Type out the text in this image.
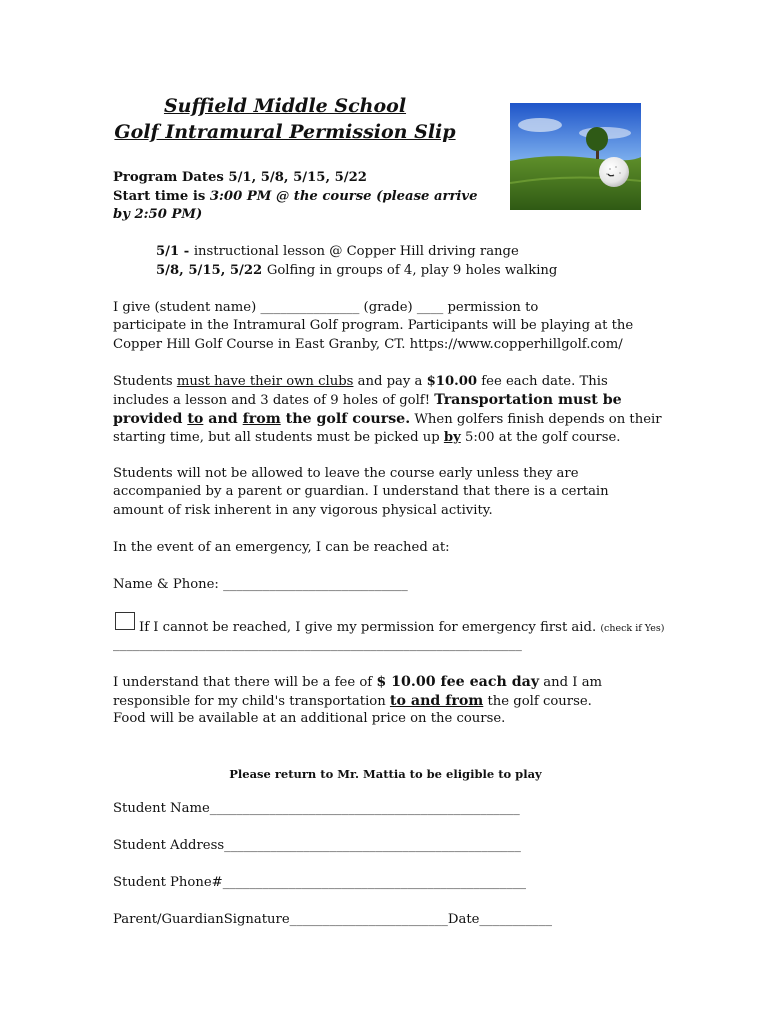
Suffield Middle School
Golf Intramural Permission Slip
Program Dates 5/1, 5/8, 5/15, 5/22
Start time is 3:00 PM @ the course (please arrive
by 2:50 PM)
5/1 - instructional lesson @ Copper Hill driving range
5/8, 5/15, 5/22 Golfing in groups of 4, play 9 holes walking
I give (student name) _______________ (grade) ____ permission to
participate in the Intramural Golf program. Participants will be playing at the
Copper Hill Golf Course in East Granby, CT. https://www.copperhillgolf.com/
Students must have their own clubs and pay a $10.00 fee each date. This
includes a lesson and 3 dates of 9 holes of golf! Transportation must be
provided to and from the golf course. When golfers finish depends on their
starting time, but all students must be picked up by 5:00 at the golf course.
Students will not be allowed to leave the course early unless they are
accompanied by a parent or guardian. I understand that there is a certain
amount of risk inherent in any vigorous physical activity.
In the event of an emergency, I can be reached at:
Name & Phone: ____________________________
If I cannot be reached, I give my permission for emergency first aid. (check if Yes)
______________________________________________________________
I understand that there will be a fee of $ 10.00 fee each day and I am
responsible for my child's transportation to and from the golf course.
Food will be available at an additional price on the course.
Please return to Mr. Mattia to be eligible to play
Student Name_______________________________________________
Student Address_____________________________________________
Student Phone#______________________________________________
Parent/GuardianSignature________________________Date___________
